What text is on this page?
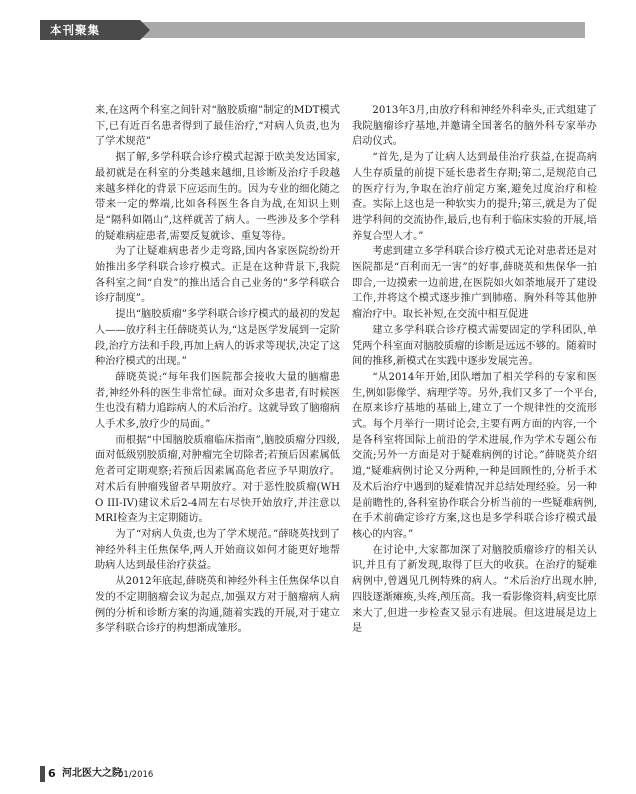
本刊聚集

来,在这两个科室之间针对“脑胶质瘤”制定的MDT模式下,已有近百名患者得到了最佳治疗,“对病人负责,也为了学术规范”

据了解,多学科联合诊疗模式起源于欧美发达国家,最初就是在科室的分类越来越细,且诊断及治疗手段越来越多样化的背景下应运而生的。因为专业的细化随之带来一定的弊端,比如各科医生各自为战,在知识上则是“隔科如隔山”,这样就苦了病人。一些涉及多个学科的疑难病症患者,需要反复就诊、重复等待。

为了让疑难病患者少走弯路,国内各家医院纷纷开始推出多学科联合诊疗模式。正是在这种背景下,我院各科室之间“自发”的推出适合自己业务的“多学科联合诊疗制度”。

提出“脑胶质瘤”多学科联合诊疗模式的最初的发起人——放疗科主任薛晓英认为,“这是医学发展到一定阶段,治疗方法和手段,再加上病人的诉求等现状,决定了这种治疗模式的出现。”

薛晓英说:“每年我们医院都会接收大量的脑瘤患者,神经外科的医生非常忙碌。面对众多患者,有时候医生也没有精力追踪病人的术后治疗。这就导致了脑瘤病人手术多,放疗少的局面。”

而根据“中国脑胶质瘤临床指南”,脑胶质瘤分四级,面对低级别胶质瘤,对肿瘤完全切除者;若预后因素属低危者可定期观察;若预后因素属高危者应予早期放疗。对术后有肿瘤残留者早期放疗。对于恶性胶质瘤(WHO III-IV)建议术后2-4周左右尽快开始放疗,并注意以MRI检查为主定期随访。

为了“对病人负责,也为了学术规范。”薛晓英找到了神经外科主任焦保华,两人开始商议如何才能更好地帮助病人达到最佳治疗获益。

从2012年底起,薛晓英和神经外科主任焦保华以自发的不定期脑瘤会议为起点,加强双方对于脑瘤病人病例的分析和诊断方案的沟通,随着实践的开展,对于建立多学科联合诊疗的构想渐成雏形。

2013年3月,由放疗科和神经外科牵头,正式组建了我院脑瘤诊疗基地,并邀请全国著名的脑外科专家举办启动仪式。

“首先,是为了让病人达到最佳治疗获益,在提高病人生存质量的前提下延长患者生存期;第二,是规范自己的医疗行为,争取在治疗前定方案,避免过度治疗和检查。实际上这也是一种软实力的提升;第三,就是为了促进学科间的交流协作,最后,也有利于临床实验的开展,培养复合型人才。”

考虑到建立多学科联合诊疗模式无论对患者还是对医院都是“百利而无一害”的好事,薛晓英和焦保华一拍即合,一边摸索一边前进,在医院如火如荼地展开了建设工作,并将这个模式逐步推广到肺癌、胸外科等其他肿瘤治疗中。取长补短,在交流中相互促进

建立多学科联合诊疗模式需要固定的学科团队,单凭两个科室面对脑胶质瘤的诊断是远远不够的。随着时间的推移,新模式在实践中逐步发展完善。

“从2014年开始,团队增加了相关学科的专家和医生,例如影像学、病理学等。另外,我们又多了一个平台,在原来诊疗基地的基础上,建立了一个规律性的交流形式。每个月举行一期讨论会,主要有两方面的内容,一个是各科室将国际上前沿的学术进展,作为学术专题公布交流;另外一方面是对于疑难病例的讨论。”薛晓英介绍道,“疑难病例讨论又分两种,一种是回顾性的,分析手术及术后治疗中遇到的疑难情况并总结处理经验。另一种是前瞻性的,各科室协作联合分析当前的一些疑难病例,在手术前确定诊疗方案,这也是多学科联合诊疗模式最核心的内容。”

在讨论中,大家都加深了对脑胶质瘤诊疗的相关认识,并且有了新发现,取得了巨大的收获。在治疗的疑难病例中,曾遇见几例特殊的病人。“术后治疗出现水肿,四肢逐渐瘫痪,头疼,颅压高。我一看影像资料,病变比原来大了,但进一步检查又显示有进展。但这进展是边上是

6 河北医大之院
01/2016
